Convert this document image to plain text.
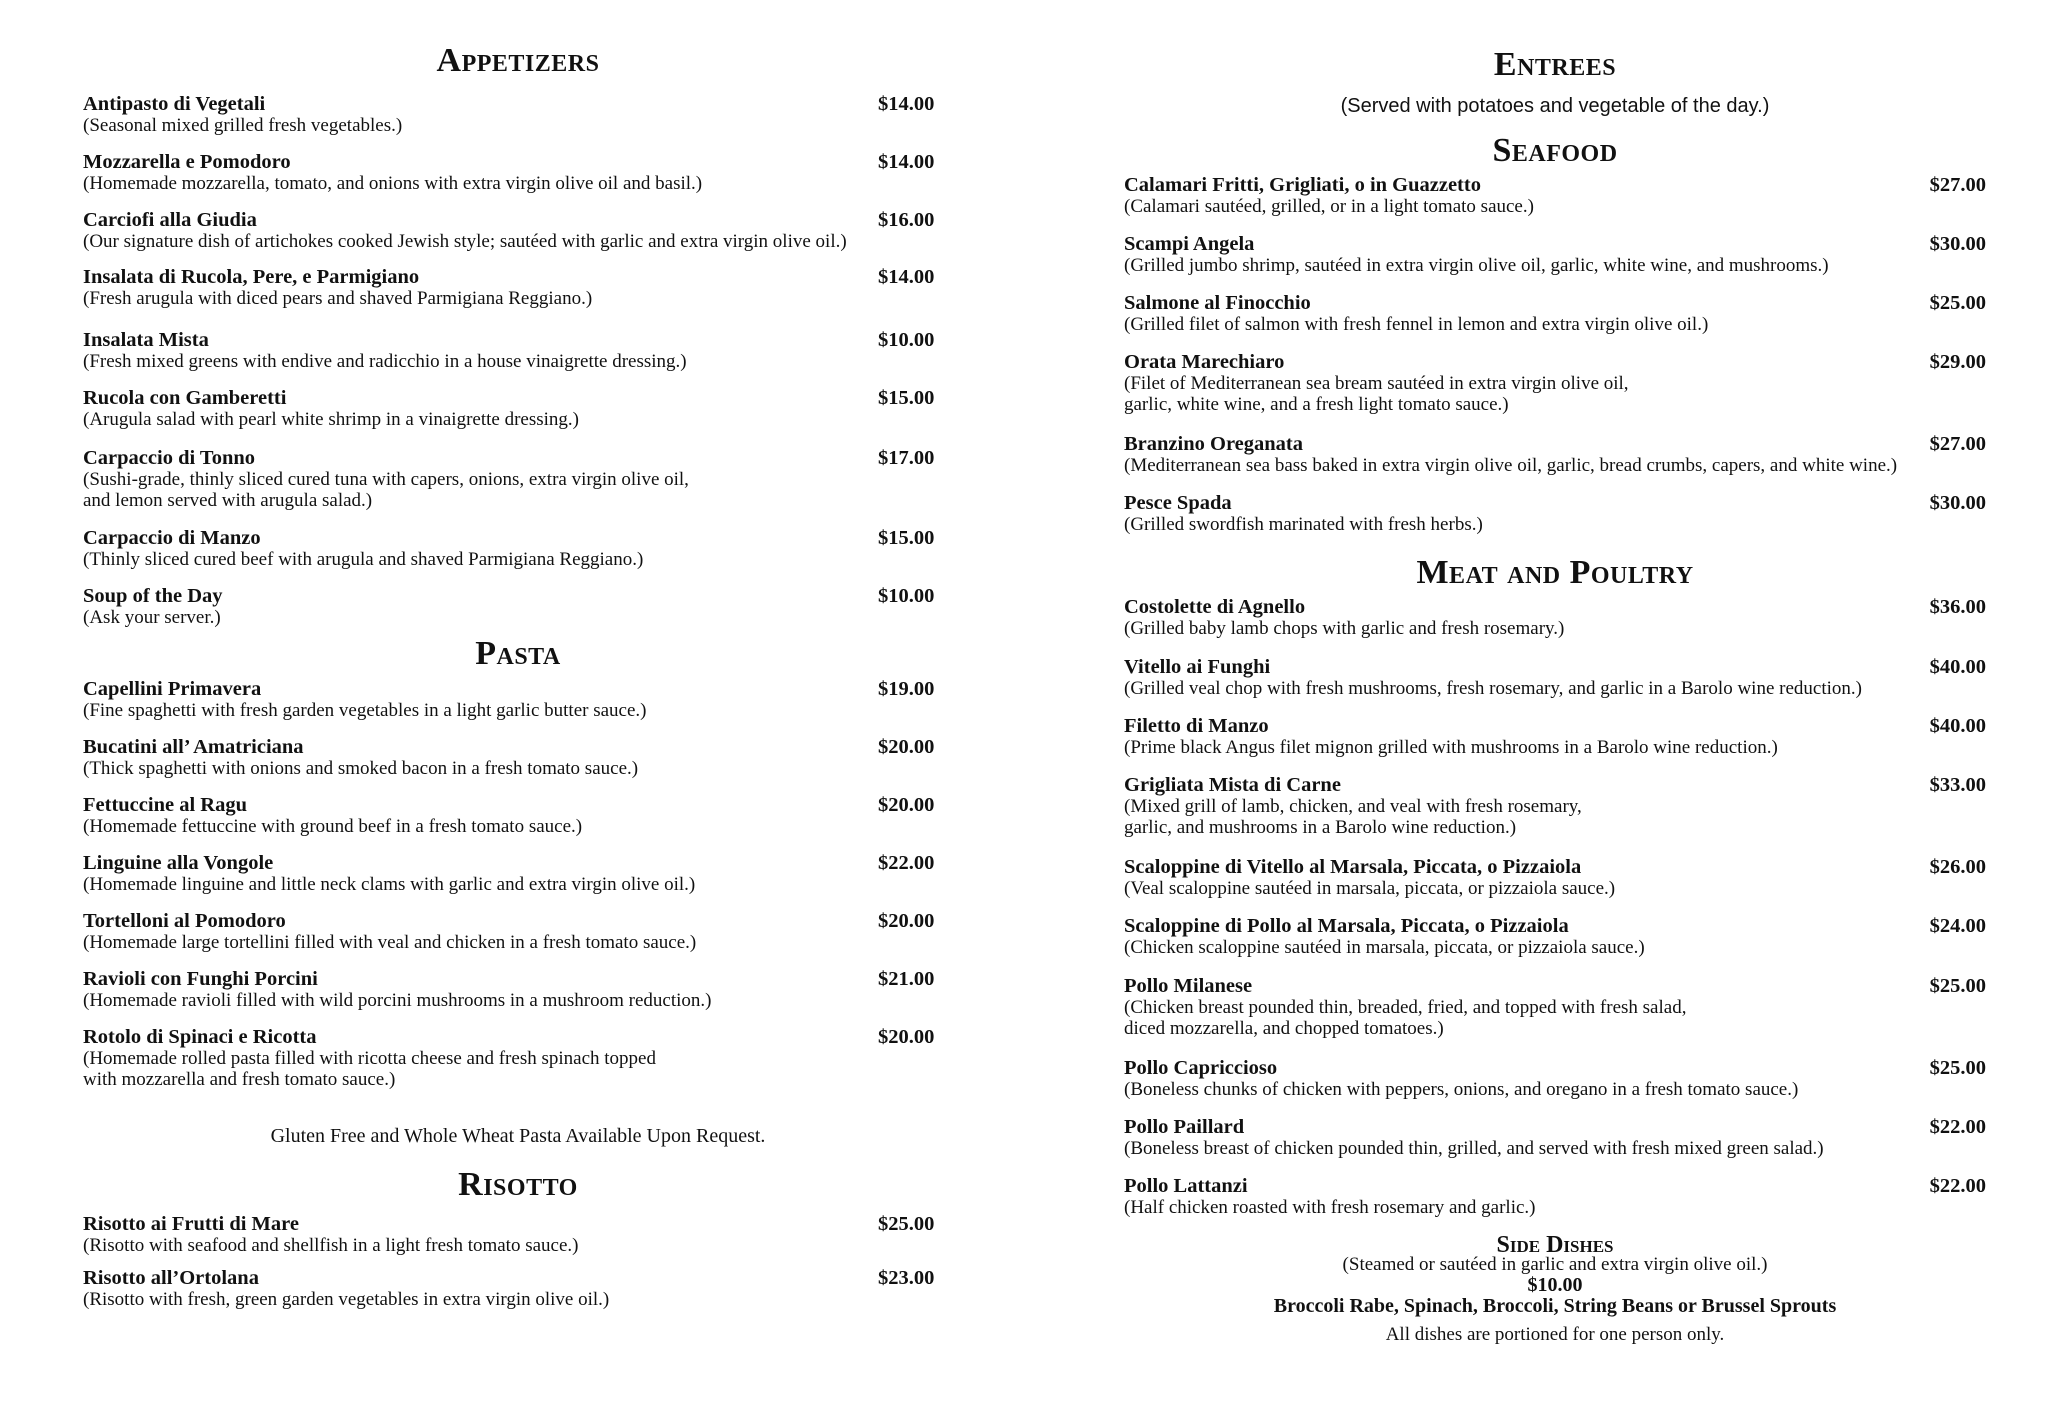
Appetizers
Antipasto di Vegetali	$14.00
(Seasonal mixed grilled fresh vegetables.)
Mozzarella e Pomodoro	$14.00
(Homemade mozzarella, tomato, and onions with extra virgin olive oil and basil.)
Carciofi alla Giudia	$16.00
(Our signature dish of artichokes cooked Jewish style; sautéed with garlic and extra virgin olive oil.)
Insalata di Rucola, Pere, e Parmigiano	$14.00
(Fresh arugula with diced pears and shaved Parmigiana Reggiano.)
Insalata Mista	$10.00
(Fresh mixed greens with endive and radicchio in a house vinaigrette dressing.)
Rucola con Gamberetti	$15.00
(Arugula salad with pearl white shrimp in a vinaigrette dressing.)
Carpaccio di Tonno	$17.00
(Sushi-grade, thinly sliced cured tuna with capers, onions, extra virgin olive oil,
and lemon served with arugula salad.)
Carpaccio di Manzo	$15.00
(Thinly sliced cured beef with arugula and shaved Parmigiana Reggiano.)
Soup of the Day	$10.00
(Ask your server.)
Pasta
Capellini Primavera	$19.00
(Fine spaghetti with fresh garden vegetables in a light garlic butter sauce.)
Bucatini all’ Amatriciana	$20.00
(Thick spaghetti with onions and smoked bacon in a fresh tomato sauce.)
Fettuccine al Ragu	$20.00
(Homemade fettuccine with ground beef in a fresh tomato sauce.)
Linguine alla Vongole	$22.00
(Homemade linguine and little neck clams with garlic and extra virgin olive oil.)
Tortelloni al Pomodoro	$20.00
(Homemade large tortellini filled with veal and chicken in a fresh tomato sauce.)
Ravioli con Funghi Porcini	$21.00
(Homemade ravioli filled with wild porcini mushrooms in a mushroom reduction.)
Rotolo di Spinaci e Ricotta	$20.00
(Homemade rolled pasta filled with ricotta cheese and fresh spinach topped
with mozzarella and fresh tomato sauce.)
Gluten Free and Whole Wheat Pasta Available Upon Request.
Risotto
Risotto ai Frutti di Mare	$25.00
(Risotto with seafood and shellfish in a light fresh tomato sauce.)
Risotto all’Ortolana	$23.00
(Risotto with fresh, green garden vegetables in extra virgin olive oil.)
Entrees
(Served with potatoes and vegetable of the day.)
Seafood
Calamari Fritti, Grigliati, o in Guazzetto	$27.00
(Calamari sautéed, grilled, or in a light tomato sauce.)
Scampi Angela	$30.00
(Grilled jumbo shrimp, sautéed in extra virgin olive oil, garlic, white wine, and mushrooms.)
Salmone al Finocchio	$25.00
(Grilled filet of salmon with fresh fennel in lemon and extra virgin olive oil.)
Orata Marechiaro	$29.00
(Filet of Mediterranean sea bream sautéed in extra virgin olive oil,
garlic, white wine, and a fresh light tomato sauce.)
Branzino Oreganata	$27.00
(Mediterranean sea bass baked in extra virgin olive oil, garlic, bread crumbs, capers, and white wine.)
Pesce Spada	$30.00
(Grilled swordfish marinated with fresh herbs.)
Meat and Poultry
Costolette di Agnello	$36.00
(Grilled baby lamb chops with garlic and fresh rosemary.)
Vitello ai Funghi	$40.00
(Grilled veal chop with fresh mushrooms, fresh rosemary, and garlic in a Barolo wine reduction.)
Filetto di Manzo	$40.00
(Prime black Angus filet mignon grilled with mushrooms in a Barolo wine reduction.)
Grigliata Mista di Carne	$33.00
(Mixed grill of lamb, chicken, and veal with fresh rosemary,
garlic, and mushrooms in a Barolo wine reduction.)
Scaloppine di Vitello al Marsala, Piccata, o Pizzaiola	$26.00
(Veal scaloppine sautéed in marsala, piccata, or pizzaiola sauce.)
Scaloppine di Pollo al Marsala, Piccata, o Pizzaiola	$24.00
(Chicken scaloppine sautéed in marsala, piccata, or pizzaiola sauce.)
Pollo Milanese	$25.00
(Chicken breast pounded thin, breaded, fried, and topped with fresh salad,
diced mozzarella, and chopped tomatoes.)
Pollo Capriccioso	$25.00
(Boneless chunks of chicken with peppers, onions, and oregano in a fresh tomato sauce.)
Pollo Paillard	$22.00
(Boneless breast of chicken pounded thin, grilled, and served with fresh mixed green salad.)
Pollo Lattanzi	$22.00
(Half chicken roasted with fresh rosemary and garlic.)
Side Dishes
(Steamed or sautéed in garlic and extra virgin olive oil.)
$10.00
Broccoli Rabe, Spinach, Broccoli, String Beans or Brussel Sprouts
All dishes are portioned for one person only.
